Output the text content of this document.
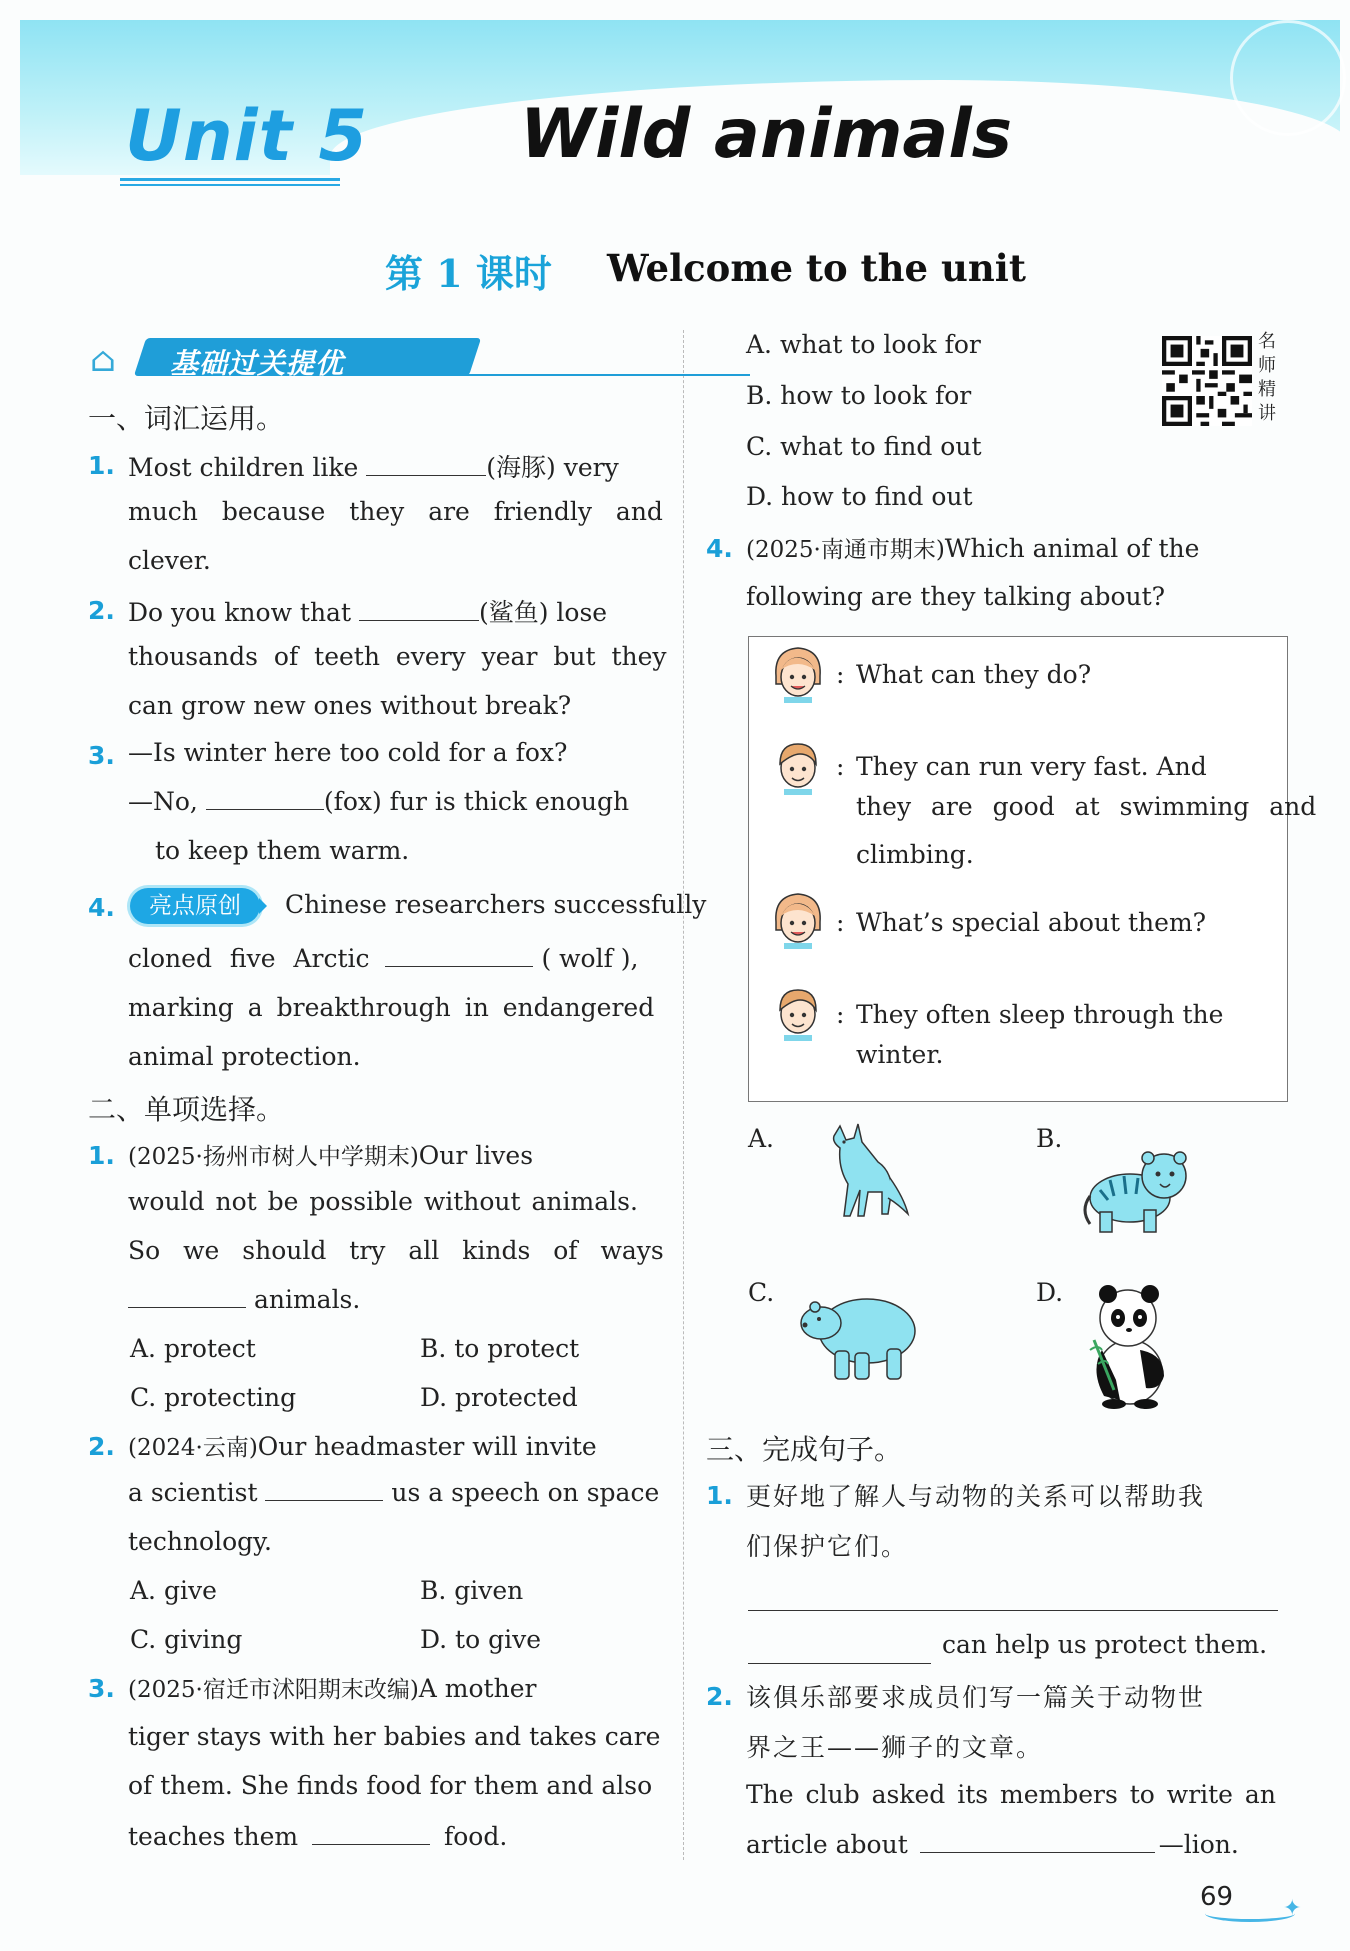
Unit 5 Wild animals
第 1 课时 Welcome to the unit
⌂ 基础过关提优
名
师
精
讲
一、词汇运用。
1. Most children like	(海豚) very
much because they are friendly and
clever.
2. Do you know that	(鲨鱼) lose
thousands of teeth every year but they
can grow new ones without break?
3. —Is winter here too cold for a fox?
—No,	(fox) fur is thick enough
to keep them warm.
4.	亮点原创	Chinese researchers successfully
cloned five Arctic	( wolf ),
marking a breakthrough in endangered
animal protection.
二、单项选择。
1. (2025·扬州市树人中学期末)Our lives
would not be possible without animals.
So we should try all kinds of ways
animals.
A. protect	B. to protect
C. protecting	D. protected
2. (2024·云南)Our headmaster will invite
a scientist	us a speech on space
technology.
A. give	B. given
C. giving	D. to give
3. (2025·宿迁市沭阳期末改编)A mother
tiger stays with her babies and takes care
of them. She finds food for them and also
teaches them	food.
A. what to look for
B. how to look for
C. what to find out
D. how to find out
4. (2025·南通市期末)Which animal of the
following are they talking about?
: What can they do?
: They can run very fast. And
they are good at swimming and
climbing.
: What’s special about them?
: They often sleep through the
winter.
A.	B.
C.	D.
三、完成句子。
1. 更好地了解人与动物的关系可以帮助我
们保护它们。
can help us protect them.
2. 该俱乐部要求成员们写一篇关于动物世
界之王——狮子的文章。
The club asked its members to write an
article about	—lion.
69 ✦
